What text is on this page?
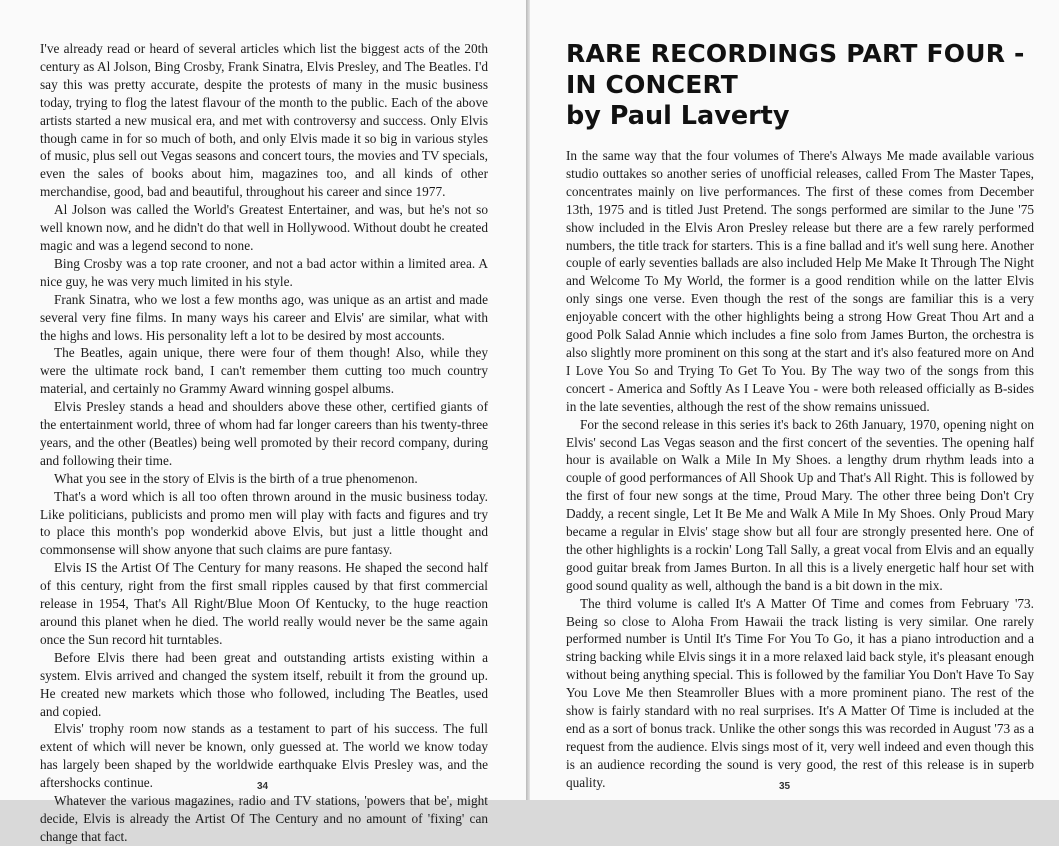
I've already read or heard of several articles which list the biggest acts of the 20th century as Al Jolson, Bing Crosby, Frank Sinatra, Elvis Presley, and The Beatles. I'd say this was pretty accurate, despite the protests of many in the music business today, trying to flog the latest flavour of the month to the public. Each of the above artists started a new musical era, and met with controversy and success. Only Elvis though came in for so much of both, and only Elvis made it so big in various styles of music, plus sell out Vegas seasons and concert tours, the movies and TV specials, even the sales of books about him, magazines too, and all kinds of other merchandise, good, bad and beautiful, throughout his career and since 1977.

Al Jolson was called the World's Greatest Entertainer, and was, but he's not so well known now, and he didn't do that well in Hollywood. Without doubt he created magic and was a legend second to none.

Bing Crosby was a top rate crooner, and not a bad actor within a limited area. A nice guy, he was very much limited in his style.

Frank Sinatra, who we lost a few months ago, was unique as an artist and made several very fine films. In many ways his career and Elvis' are similar, what with the highs and lows. His personality left a lot to be desired by most accounts.

The Beatles, again unique, there were four of them though! Also, while they were the ultimate rock band, I can't remember them cutting too much country material, and certainly no Grammy Award winning gospel albums.

Elvis Presley stands a head and shoulders above these other, certified giants of the entertainment world, three of whom had far longer careers than his twenty-three years, and the other (Beatles) being well promoted by their record company, during and following their time.

What you see in the story of Elvis is the birth of a true phenomenon.

That's a word which is all too often thrown around in the music business today. Like politicians, publicists and promo men will play with facts and figures and try to place this month's pop wonderkid above Elvis, but just a little thought and commonsense will show anyone that such claims are pure fantasy.

Elvis IS the Artist Of The Century for many reasons. He shaped the second half of this century, right from the first small ripples caused by that first commercial release in 1954, That's All Right/Blue Moon Of Kentucky, to the huge reaction around this planet when he died. The world really would never be the same again once the Sun record hit turntables.

Before Elvis there had been great and outstanding artists existing within a system. Elvis arrived and changed the system itself, rebuilt it from the ground up. He created new markets which those who followed, including The Beatles, used and copied.

Elvis' trophy room now stands as a testament to part of his success. The full extent of which will never be known, only guessed at. The world we know today has largely been shaped by the worldwide earthquake Elvis Presley was, and the aftershocks continue.

Whatever the various magazines, radio and TV stations, 'powers that be', might decide, Elvis is already the Artist Of The Century and no amount of 'fixing' can change that fact.

34
RARE RECORDINGS PART FOUR -
IN CONCERT
by Paul Laverty

In the same way that the four volumes of There's Always Me made available various studio outtakes so another series of unofficial releases, called From The Master Tapes, concentrates mainly on live performances. The first of these comes from December 13th, 1975 and is titled Just Pretend. The songs performed are similar to the June '75 show included in the Elvis Aron Presley release but there are a few rarely performed numbers, the title track for starters. This is a fine ballad and it's well sung here. Another couple of early seventies ballads are also included Help Me Make It Through The Night and Welcome To My World, the former is a good rendition while on the latter Elvis only sings one verse. Even though the rest of the songs are familiar this is a very enjoyable concert with the other highlights being a strong How Great Thou Art and a good Polk Salad Annie which includes a fine solo from James Burton, the orchestra is also slightly more prominent on this song at the start and it's also featured more on And I Love You So and Trying To Get To You. By The way two of the songs from this concert - America and Softly As I Leave You - were both released officially as B-sides in the late seventies, although the rest of the show remains unissued.

For the second release in this series it's back to 26th January, 1970, opening night on Elvis' second Las Vegas season and the first concert of the seventies. The opening half hour is available on Walk a Mile In My Shoes. a lengthy drum rhythm leads into a couple of good performances of All Shook Up and That's All Right. This is followed by the first of four new songs at the time, Proud Mary. The other three being Don't Cry Daddy, a recent single, Let It Be Me and Walk A Mile In My Shoes. Only Proud Mary became a regular in Elvis' stage show but all four are strongly presented here. One of the other highlights is a rockin' Long Tall Sally, a great vocal from Elvis and an equally good guitar break from James Burton. In all this is a lively energetic half hour set with good sound quality as well, although the band is a bit down in the mix.

The third volume is called It's A Matter Of Time and comes from February '73. Being so close to Aloha From Hawaii the track listing is very similar. One rarely performed number is Until It's Time For You To Go, it has a piano introduction and a string backing while Elvis sings it in a more relaxed laid back style, it's pleasant enough without being anything special. This is followed by the familiar You Don't Have To Say You Love Me then Steamroller Blues with a more prominent piano. The rest of the show is fairly standard with no real surprises. It's A Matter Of Time is included at the end as a sort of bonus track. Unlike the other songs this was recorded in August '73 as a request from the audience. Elvis sings most of it, very well indeed and even though this is an audience recording the sound is very good, the rest of this release is in superb quality.	35
